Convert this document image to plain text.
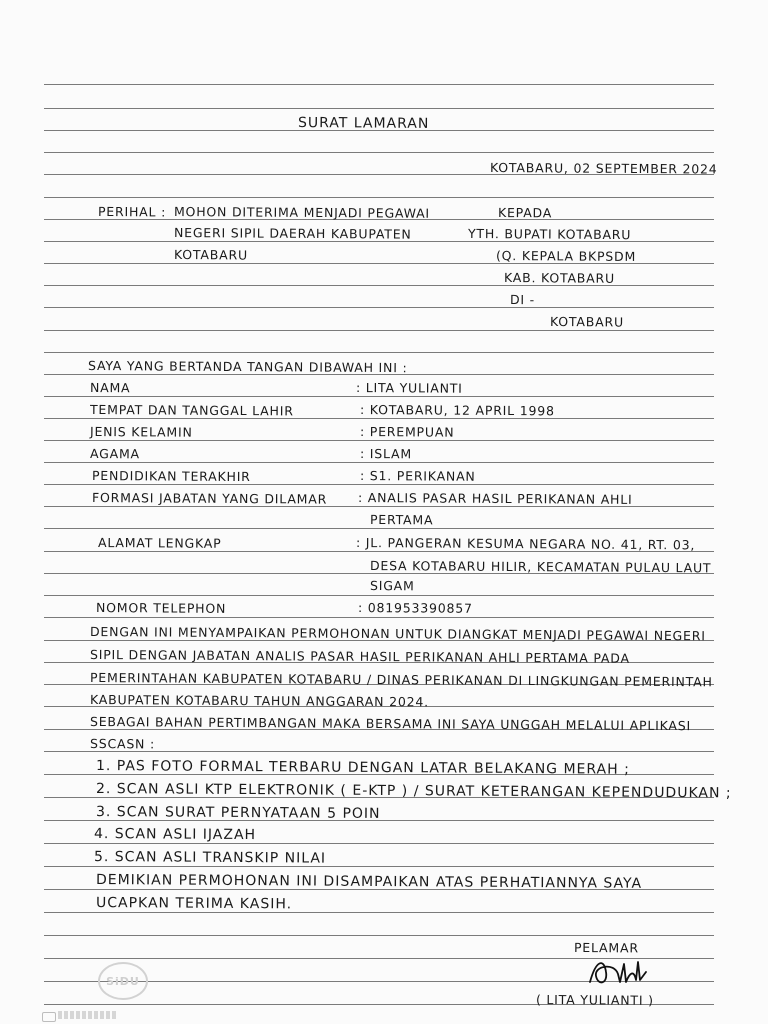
SURAT LAMARAN
KOTABARU, 02 SEPTEMBER 2024
PERIHAL : MOHON DITERIMA MENJADI PEGAWAI
NEGERI SIPIL DAERAH KABUPATEN
KOTABARU
KEPADA
YTH. BUPATI KOTABARU
(Q. KEPALA BKPSDM
KAB. KOTABARU
DI -
KOTABARU
SAYA YANG BERTANDA TANGAN DIBAWAH INI :
NAMA
TEMPAT DAN TANGGAL LAHIR
JENIS KELAMIN
AGAMA
PENDIDIKAN TERAKHIR
FORMASI JABATAN YANG DILAMAR
ALAMAT LENGKAP
NOMOR TELEPHON
: LITA YULIANTI
: KOTABARU, 12 APRIL 1998
: PEREMPUAN
: ISLAM
: S1. PERIKANAN
: ANALIS PASAR HASIL PERIKANAN AHLI
PERTAMA
: JL. PANGERAN KESUMA NEGARA NO. 41, RT. 03,
DESA KOTABARU HILIR, KECAMATAN PULAU LAUT
SIGAM
: 081953390857
DENGAN INI MENYAMPAIKAN PERMOHONAN UNTUK DIANGKAT MENJADI PEGAWAI NEGERI
SIPIL DENGAN JABATAN ANALIS PASAR HASIL PERIKANAN AHLI PERTAMA PADA
PEMERINTAHAN KABUPATEN KOTABARU / DINAS PERIKANAN DI LINGKUNGAN PEMERINTAH
KABUPATEN KOTABARU TAHUN ANGGARAN 2024.
SEBAGAI BAHAN PERTIMBANGAN MAKA BERSAMA INI SAYA UNGGAH MELALUI APLIKASI
SSCASN :
1. PAS FOTO FORMAL TERBARU DENGAN LATAR BELAKANG MERAH ;
2. SCAN ASLI KTP ELEKTRONIK ( E-KTP ) / SURAT KETERANGAN KEPENDUDUKAN ;
3. SCAN SURAT PERNYATAAN 5 POIN
4. SCAN ASLI IJAZAH
5. SCAN ASLI TRANSKIP NILAI
DEMIKIAN PERMOHONAN INI DISAMPAIKAN ATAS PERHATIANNYA SAYA
UCAPKAN TERIMA KASIH.
PELAMAR
( LITA YULIANTI )
SiDU
